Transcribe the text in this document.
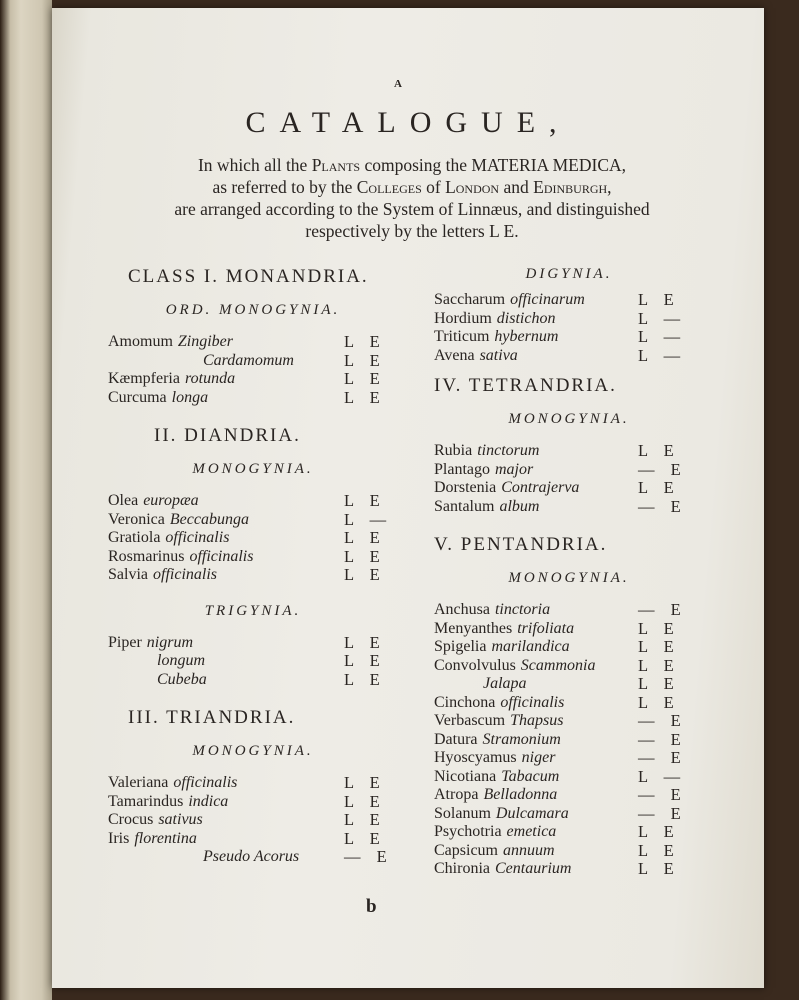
A
CATALOGUE,
In which all the Plants composing the MATERIA MEDICA,
as referred to by the Colleges of London and Edinburgh,
are arranged according to the System of Linnæus, and distinguished
respectively by the letters L E.
CLASS I. MONANDRIA.
ORD. MONOGYNIA.
Amomum Zingiber	L E
Cardamomum	L E
Kæmpferia rotunda	L E
Curcuma longa	L E
II. DIANDRIA.
MONOGYNIA.
Olea europæa	L E
Veronica Beccabunga	L —
Gratiola officinalis	L E
Rosmarinus officinalis	L E
Salvia officinalis	L E
TRIGYNIA.
Piper nigrum	L E
longum	L E
Cubeba	L E
III. TRIANDRIA.
MONOGYNIA.
Valeriana officinalis	L E
Tamarindus indica	L E
Crocus sativus	L E
Iris florentina	L E
Pseudo Acorus	— E
DIGYNIA.
Saccharum officinarum	L E
Hordium distichon	L —
Triticum hybernum	L —
Avena sativa	L —
IV. TETRANDRIA.
MONOGYNIA.
Rubia tinctorum	L E
Plantago major	— E
Dorstenia Contrajerva	L E
Santalum album	— E
V. PENTANDRIA.
MONOGYNIA.
Anchusa tinctoria	— E
Menyanthes trifoliata	L E
Spigelia marilandica	L E
Convolvulus Scammonia	L E
Jalapa	L E
Cinchona officinalis	L E
Verbascum Thapsus	— E
Datura Stramonium	— E
Hyoscyamus niger	— E
Nicotiana Tabacum	L —
Atropa Belladonna	— E
Solanum Dulcamara	— E
Psychotria emetica	L E
Capsicum annuum	L E
Chironia Centaurium	L E
b
